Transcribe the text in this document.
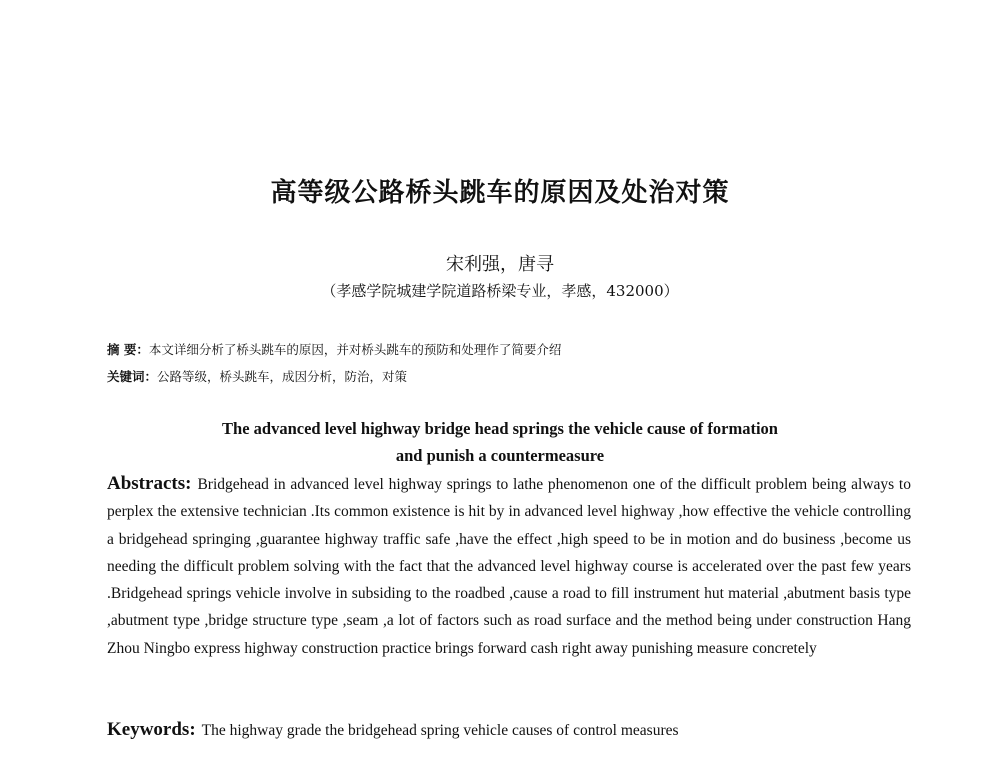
高等级公路桥头跳车的原因及处治对策
宋利强，唐寻
（孝感学院城建学院道路桥梁专业，孝感，432000）
摘 要：本文详细分析了桥头跳车的原因，并对桥头跳车的预防和处理作了简要介绍
关键词：公路等级，桥头跳车，成因分析，防治，对策
The advanced level highway bridge head springs the vehicle cause of formation
and punish a countermeasure
Abstracts: Bridgehead in advanced level highway springs to lathe phenomenon one of the difficult problem being always to perplex the extensive technician .Its common existence is hit by in advanced level highway ,how effective the vehicle controlling a bridgehead springing ,guarantee highway traffic safe ,have the effect ,high speed to be in motion and do business ,become us needing the difficult problem solving with the fact that the advanced level highway course is accelerated over the past few years .Bridgehead springs vehicle involve in subsiding to the roadbed ,cause a road to fill instrument hut material ,abutment basis type ,abutment type ,bridge structure type ,seam ,a lot of factors such as road surface and the method being under construction Hang Zhou Ningbo express highway construction practice brings forward cash right away punishing measure concretely
Keywords: The highway grade the bridgehead spring vehicle causes of control measures
